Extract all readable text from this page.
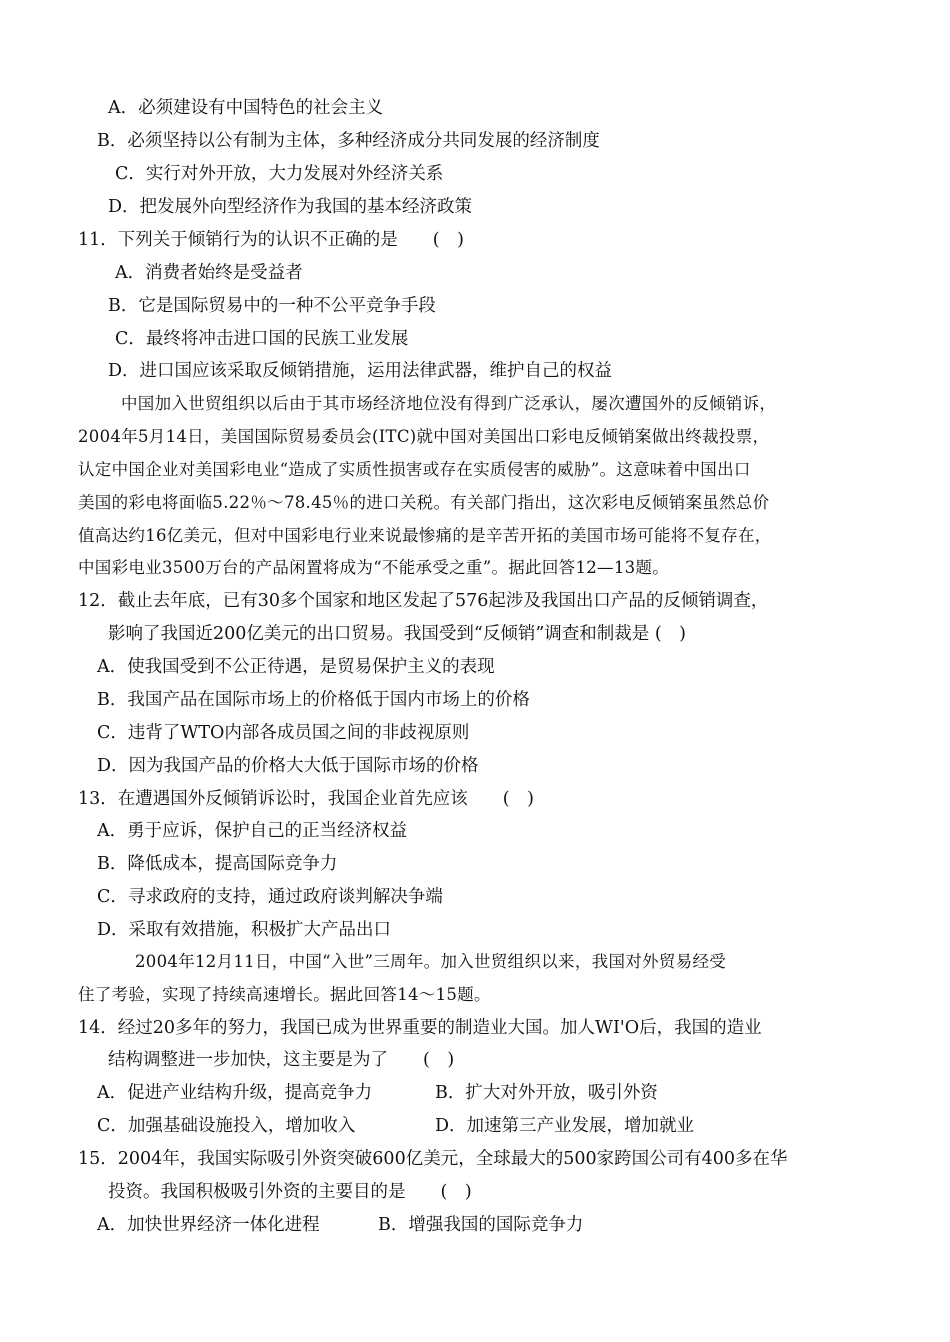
A．必须建设有中国特色的社会主义
B．必须坚持以公有制为主体，多种经济成分共同发展的经济制度
C．实行对外开放，大力发展对外经济关系
D．把发展外向型经济作为我国的基本经济政策
11．下列关于倾销行为的认识不正确的是　　(　)
A．消费者始终是受益者
B．它是国际贸易中的一种不公平竞争手段
C．最终将冲击进口国的民族工业发展
D．进口国应该采取反倾销措施，运用法律武器，维护自己的权益
中国加入世贸组织以后由于其市场经济地位没有得到广泛承认，屡次遭国外的反倾销诉，
2004年5月14日，美国国际贸易委员会(ITC)就中国对美国出口彩电反倾销案做出终裁投票，
认定中国企业对美国彩电业“造成了实质性损害或存在实质侵害的威胁”。这意味着中国出口
美国的彩电将面临5.22％～78.45％的进口关税。有关部门指出，这次彩电反倾销案虽然总价
值高达约16亿美元，但对中国彩电行业来说最惨痛的是辛苦开拓的美国市场可能将不复存在，
中国彩电业3500万台的产品闲置将成为“不能承受之重”。据此回答12—13题。
12．截止去年底，已有30多个国家和地区发起了576起涉及我国出口产品的反倾销调查，
影响了我国近200亿美元的出口贸易。我国受到“反倾销”调查和制裁是 (　)
A．使我国受到不公正待遇，是贸易保护主义的表现
B．我国产品在国际市场上的价格低于国内市场上的价格
C．违背了WTO内部各成员国之间的非歧视原则
D．因为我国产品的价格大大低于国际市场的价格
13．在遭遇国外反倾销诉讼时，我国企业首先应该　　(　)
A．勇于应诉，保护自己的正当经济权益
B．降低成本，提高国际竞争力
C．寻求政府的支持，通过政府谈判解决争端
D．采取有效措施，积极扩大产品出口
2004年12月11日，中国“入世”三周年。加入世贸组织以来，我国对外贸易经受
住了考验，实现了持续高速增长。据此回答14～15题。
14．经过20多年的努力，我国已成为世界重要的制造业大国。加人WI'O后，我国的造业
结构调整进一步加快，这主要是为了　　(　)
A．促进产业结构升级，提高竞争力	B．扩大对外开放，吸引外资
C．加强基础设施投入，增加收入	D．加速第三产业发展，增加就业
15．2004年，我国实际吸引外资突破600亿美元，全球最大的500家跨国公司有400多在华
投资。我国积极吸引外资的主要目的是　　(　)
A．加快世界经济一体化进程	B．增强我国的国际竞争力
